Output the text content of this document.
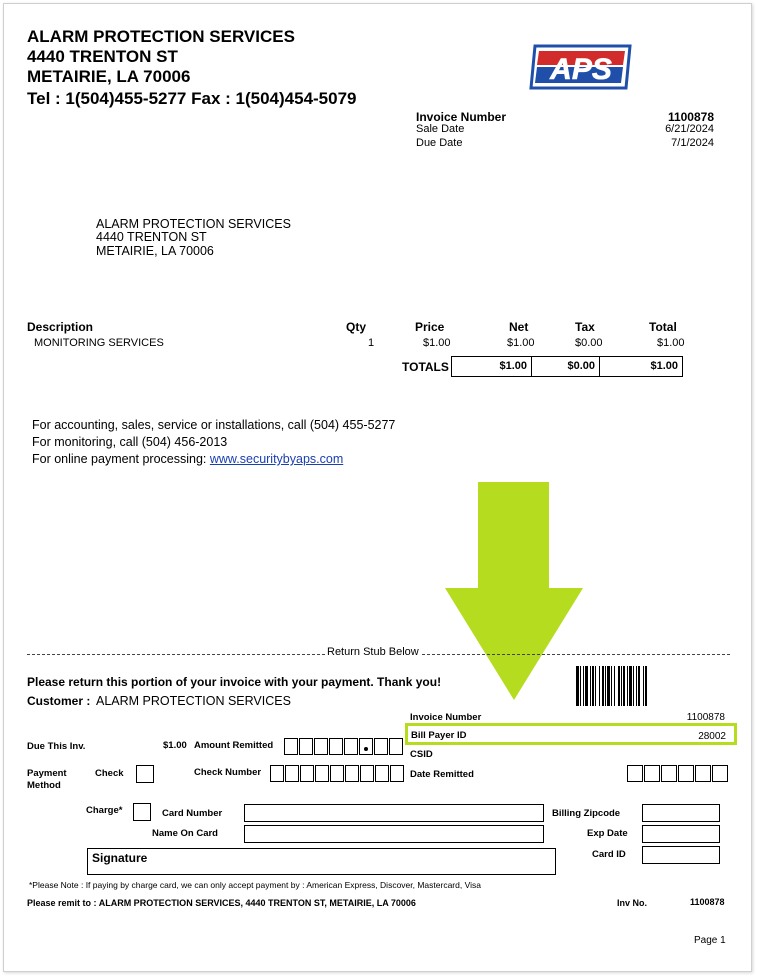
ALARM PROTECTION SERVICES
4440 TRENTON ST
METAIRIE, LA 70006
Tel : 1(504)455-5277 Fax : 1(504)454-5079
APS
Invoice Number	1100878
Sale Date	6/21/2024
Due Date	7/1/2024
ALARM PROTECTION SERVICES
4440 TRENTON ST
METAIRIE, LA 70006
Description	Qty	Price	Net	Tax	Total
MONITORING SERVICES	1	$1.00	$1.00	$0.00	$1.00
TOTALS	$1.00	$0.00	$1.00
For accounting, sales, service or installations, call (504) 455-5277
For monitoring, call (504) 456-2013
For online payment processing: www.securitybyaps.com
Return Stub Below
Please return this portion of your invoice with your payment. Thank you!
Customer : ALARM PROTECTION SERVICES
Invoice Number	1100878
Bill Payer ID	28002
CSID
Due This Inv.	$1.00 Amount Remitted
Payment Method
Check	Check Number	Date Remitted
Charge*	Card Number	Billing Zipcode
Name On Card	Exp Date
Signature	Card ID
*Please Note : If paying by charge card, we can only accept payment by : American Express, Discover, Mastercard, Visa
Please remit to : ALARM PROTECTION SERVICES, 4440 TRENTON ST, METAIRIE, LA 70006	Inv No.	1100878
Page 1
